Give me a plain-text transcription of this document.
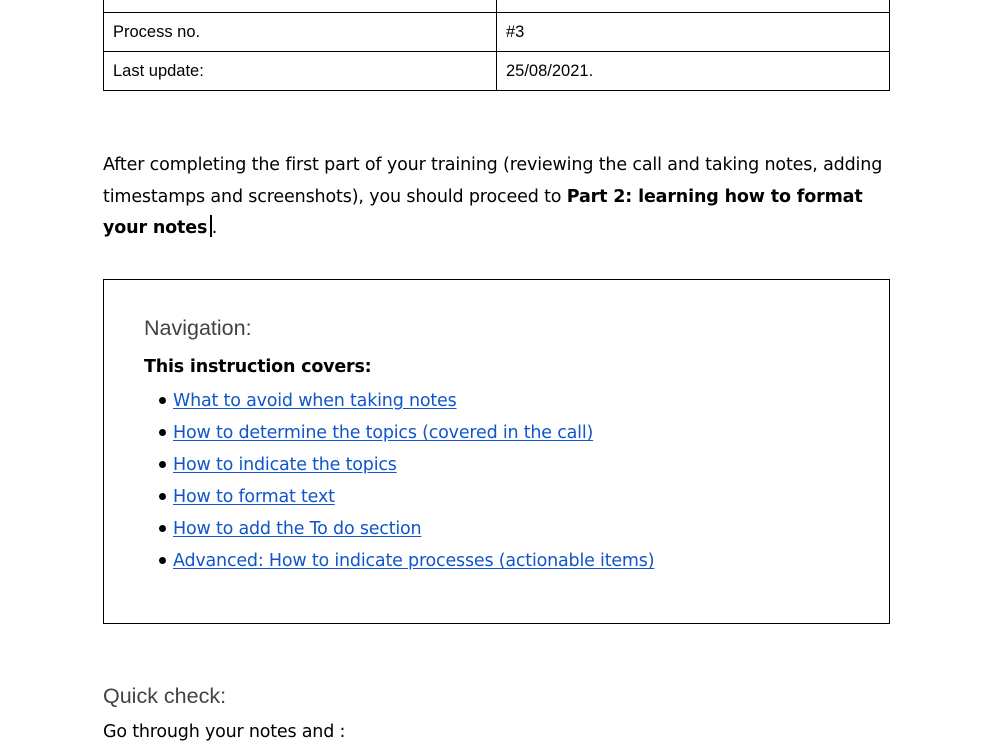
Process no.	#3
Last update:	25/08/2021.

After completing the first part of your training (reviewing the call and taking notes, adding timestamps and screenshots), you should proceed to Part 2: learning how to format your notes .

Navigation:

This instruction covers:

What to avoid when taking notes
How to determine the topics (covered in the call)
How to indicate the topics
How to format text
How to add the To do section
Advanced: How to indicate processes (actionable items)
Quick check:

Go through your notes and :
